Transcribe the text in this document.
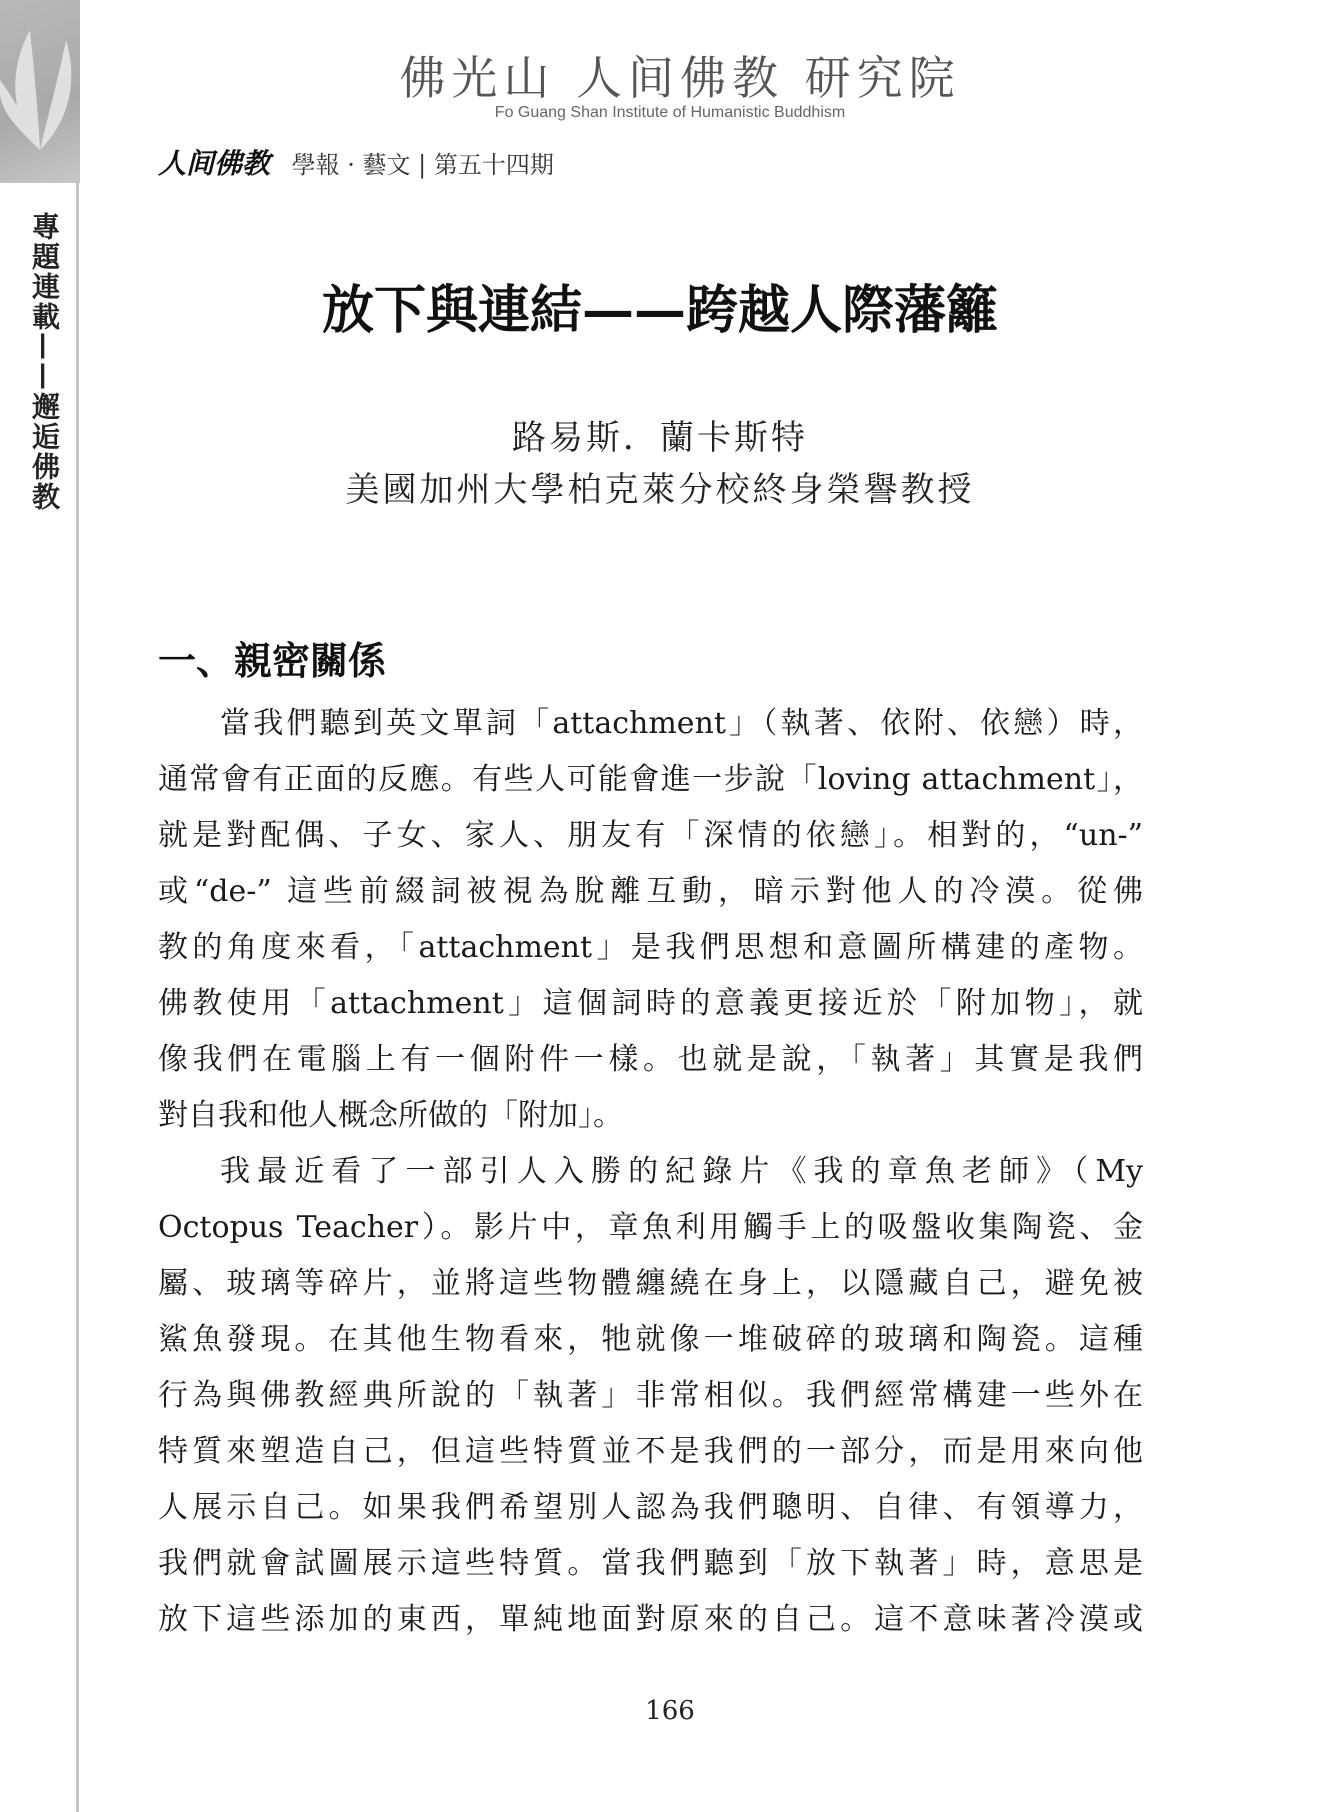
專題連載——邂逅佛教
佛光山 人间佛教 研究院
Fo Guang Shan Institute of Humanistic Buddhism
人间佛教 學報 · 藝文 | 第五十四期
放下與連結——跨越人際藩籬
路易斯．蘭卡斯特
美國加州大學柏克萊分校終身榮譽教授
一、親密關係
當我們聽到英文單詞「attachment」（執著、依附、依戀）時，
通常會有正面的反應。有些人可能會進一步說「loving attachment」，
就是對配偶、子女、家人、朋友有「深情的依戀」。相對的，“un-”
或“de-” 這些前綴詞被視為脫離互動，暗示對他人的冷漠。從佛
教的角度來看，「attachment」是我們思想和意圖所構建的產物。
佛教使用「attachment」這個詞時的意義更接近於「附加物」，就
像我們在電腦上有一個附件一樣。也就是說，「執著」其實是我們
對自我和他人概念所做的「附加」。
我最近看了一部引人入勝的紀錄片《我的章魚老師》（My
Octopus Teacher）。影片中，章魚利用觸手上的吸盤收集陶瓷、金
屬、玻璃等碎片，並將這些物體纏繞在身上，以隱藏自己，避免被
鯊魚發現。在其他生物看來，牠就像一堆破碎的玻璃和陶瓷。這種
行為與佛教經典所說的「執著」非常相似。我們經常構建一些外在
特質來塑造自己，但這些特質並不是我們的一部分，而是用來向他
人展示自己。如果我們希望別人認為我們聰明、自律、有領導力，
我們就會試圖展示這些特質。當我們聽到「放下執著」時，意思是
放下這些添加的東西，單純地面對原來的自己。這不意味著冷漠或
166
